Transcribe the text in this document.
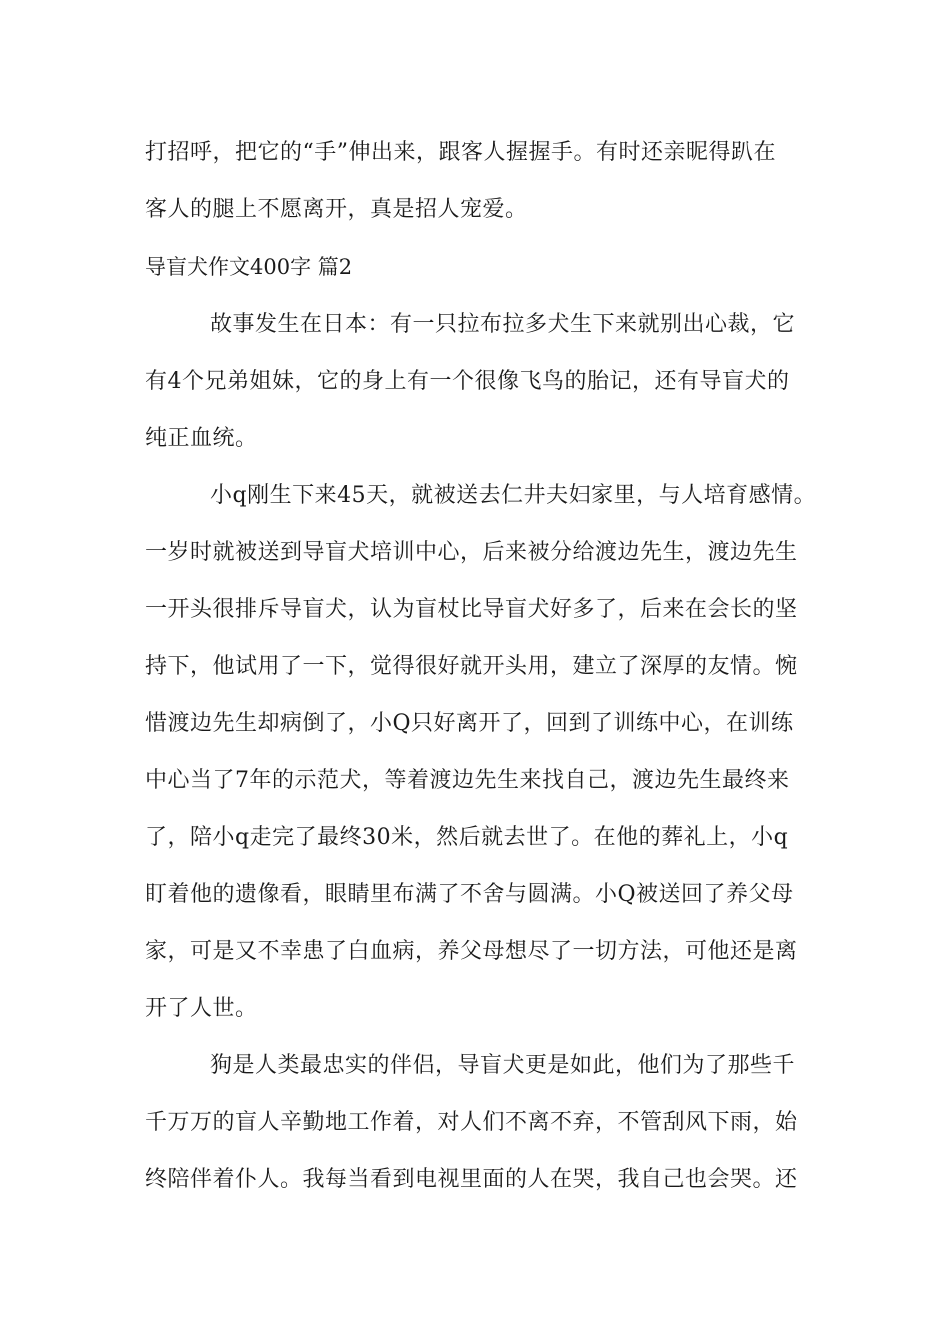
打招呼，把它的“手”伸出来，跟客人握握手。有时还亲昵得趴在
客人的腿上不愿离开，真是招人宠爱。
导盲犬作文400字 篇2
故事发生在日本：有一只拉布拉多犬生下来就别出心裁，它
有4个兄弟姐妹，它的身上有一个很像飞鸟的胎记，还有导盲犬的
纯正血统。
小q刚生下来45天，就被送去仁井夫妇家里，与人培育感情。
一岁时就被送到导盲犬培训中心，后来被分给渡边先生，渡边先生
一开头很排斥导盲犬，认为盲杖比导盲犬好多了，后来在会长的坚
持下，他试用了一下，觉得很好就开头用，建立了深厚的友情。惋
惜渡边先生却病倒了，小Q只好离开了，回到了训练中心，在训练
中心当了7年的示范犬，等着渡边先生来找自己，渡边先生最终来
了，陪小q走完了最终30米，然后就去世了。在他的葬礼上，小q
盯着他的遗像看，眼睛里布满了不舍与圆满。小Q被送回了养父母
家，可是又不幸患了白血病，养父母想尽了一切方法，可他还是离
开了人世。
狗是人类最忠实的伴侣，导盲犬更是如此，他们为了那些千
千万万的盲人辛勤地工作着，对人们不离不弃，不管刮风下雨，始
终陪伴着仆人。我每当看到电视里面的人在哭，我自己也会哭。还
